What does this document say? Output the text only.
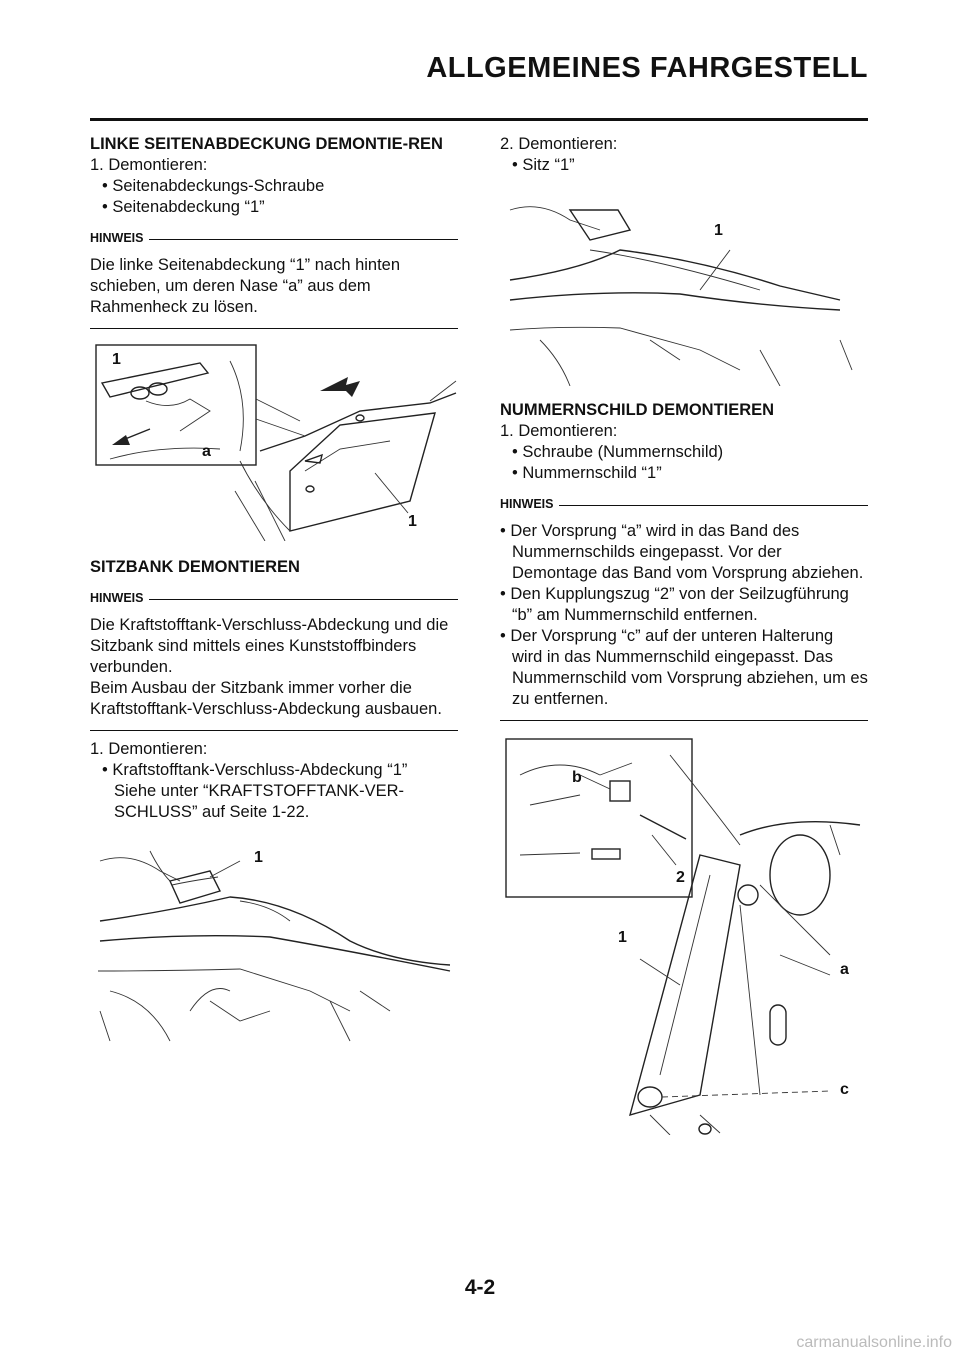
ALLGEMEINES FAHRGESTELL
LINKE SEITENABDECKUNG DEMONTIE-REN
1. Demontieren:
• Seitenabdeckungs-Schraube
• Seitenabdeckung “1”
HINWEIS

Die linke Seitenabdeckung “1” nach hinten schieben, um deren Nase “a” aus dem Rahmenheck zu lösen.

1
a
1
SITZBANK DEMONTIEREN
HINWEIS

Die Kraftstofftank-Verschluss-Abdeckung und die Sitzbank sind mittels eines Kunststoffbinders verbunden.

Beim Ausbau der Sitzbank immer vorher die Kraftstofftank-Verschluss-Abdeckung ausbauen.

1. Demontieren:
• Kraftstofftank-Verschluss-Abdeckung “1”
Siehe unter “KRAFTSTOFFTANK-VER-SCHLUSS” auf Seite 1-22.
1
2. Demontieren:
• Sitz “1”
1
NUMMERNSCHILD DEMONTIEREN
1. Demontieren:
• Schraube (Nummernschild)
• Nummernschild “1”
HINWEIS
• Der Vorsprung “a” wird in das Band des Nummernschilds eingepasst. Vor der Demontage das Band vom Vorsprung abziehen.
• Den Kupplungszug “2” von der Seilzugführung “b” am Nummernschild entfernen.
• Der Vorsprung “c” auf der unteren Halterung wird in das Nummernschild eingepasst. Das Nummernschild vom Vorsprung abziehen, um es zu entfernen.
b
2
1
a
c
4-2
carmanualsonline.info
